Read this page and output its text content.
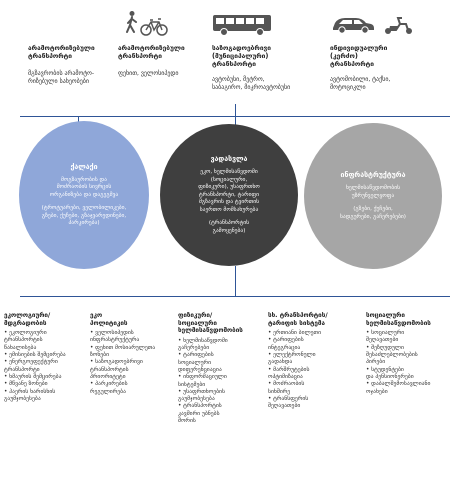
არამოტორიზებული
ტრანსპორტი
მგზავრობის არამოტო-
რიზებული სახეობები
არამოტორიზებული
ტრანსპორტი
ფეხით, ველოსიპედი
საზოგადოებრივი
(მუნიციპალური)
ტრანსპორტი
ავტობუსი, მეტრო,
საბაგირო, მიკროავტობუსი
ინდივიდუალური
(კერძო)
ტრანსპორტი
ავტომობილი, ტაქსი,
მოტოციკლი
ქალაქი
მოგზაურობის და
მოძრაობის სივრცის
ორგანიზება და დაგეგმვა
(ტროტუარები, ველობილიკები,
გზები, ქუჩები, გზაჯვარედინები,
პარკირება)
ვადასვლა
ეკო, ხელმისაწვდომი
(სოციალური,
ფიზიკური), უსაფრთხო
ტრანსპორტი, ტარიფი
მგზავრის და ტვირთის
საერთო მომსახურება
(ტრანსპორტის
გამოყენება)
ინფრასტრუქტურა
ხელმისაწვდომობის
უზრუნველყოფა
(გზები, ქუჩები,
სადგურები, გაჩერებები)
ეკოლოგიური/
მდგრადობის
• ეკოლოგიური
ტრანსპორტის
წახალისება
• ემისიების შემცირება
• ენერგოეფექტური
ტრანსპორტი
• ხმაურის შემცირება
• მწვანე ზონები
• ჰაერის ხარისხის
გაუმჯობესება
ეკო
პოლიტიკის
• ველოსიპედის
ინფრასტრუქტურა
• ფეხით მოსიარულეთა
ზონები
• საზოგადოებრივი
ტრანსპორტის
პრიორიტეტი
• პარკირების
რეგულირება
ფიზიკური/
სოციალური
ხელმისაწვდომობის
• ხელმისაწვდომი
გაჩერებები
• ტარიფების
სოციალური
დიფერენციაცია
• ინფორმაციული
სისტემები
• უსაფრთხოების
გაუმჯობესება
• ტრანსპორტის
კავშირი უბნებს
შორის
სხ. ტრანსპორტის/
ტარიფის სისტემა
• ერთიანი ბილეთი
• ტარიფების
ინტეგრაცია
• ელექტრონული
გადახდა
• მარშრუტების
ოპტიმიზაცია
• მოძრაობის
სიხშირე
• ტრანსფერის
შეღავათები
სოციალური
ხელმისაწვდომობის
• სოციალური
შეღავათები
• შეზღუდული
შესაძლებლობების
პირები
• სტუდენტები
და პენსიონერები
• დაბალშემოსავლიანი
ოჯახები
